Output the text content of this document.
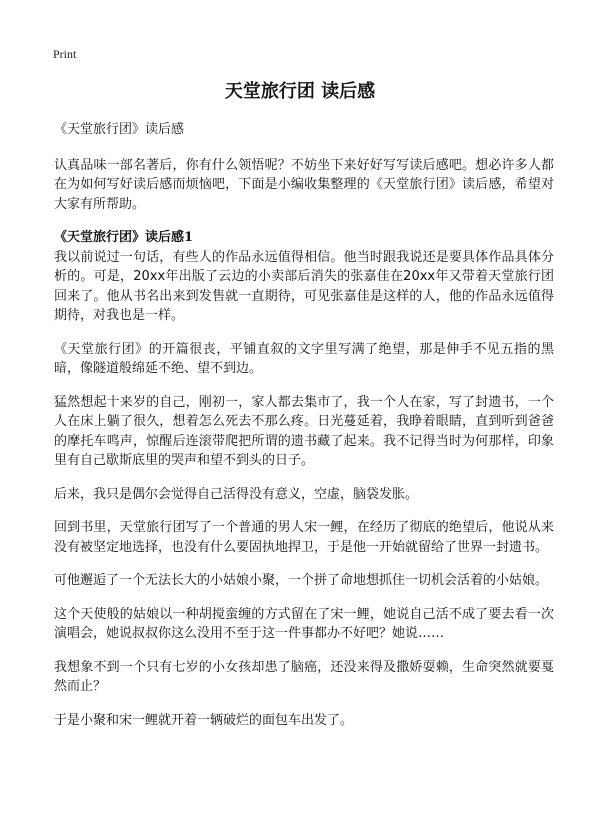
Print
天堂旅行团 读后感

《天堂旅行团》读后感

认真品味一部名著后，你有什么领悟呢？不妨坐下来好好写写读后感吧。想必许多人都在为如何写好读后感而烦恼吧，下面是小编收集整理的《天堂旅行团》读后感，希望对大家有所帮助。

《天堂旅行团》读后感1

我以前说过一句话，有些人的作品永远值得相信。他当时跟我说还是要具体作品具体分析的。可是，20xx年出版了云边的小卖部后消失的张嘉佳在20xx年又带着天堂旅行团回来了。他从书名出来到发售就一直期待，可见张嘉佳是这样的人，他的作品永远值得期待，对我也是一样。

《天堂旅行团》的开篇很丧，平铺直叙的文字里写满了绝望，那是伸手不见五指的黑暗，像隧道般绵延不绝、望不到边。

猛然想起十来岁的自己，刚初一，家人都去集市了，我一个人在家，写了封遗书，一个人在床上躺了很久，想着怎么死去不那么疼。日光蔓延着，我睁着眼睛，直到听到爸爸的摩托车鸣声，惊醒后连滚带爬把所谓的遗书藏了起来。我不记得当时为何那样，印象里有自己歇斯底里的哭声和望不到头的日子。

后来，我只是偶尔会觉得自己活得没有意义，空虚，脑袋发胀。

回到书里，天堂旅行团写了一个普通的男人宋一鲤，在经历了彻底的绝望后，他说从来没有被坚定地选择，也没有什么要固执地捍卫，于是他一开始就留给了世界一封遗书。

可他邂逅了一个无法长大的小姑娘小聚，一个拼了命地想抓住一切机会活着的小姑娘。

这个天使般的姑娘以一种胡搅蛮缠的方式留在了宋一鲤，她说自己活不成了要去看一次演唱会，她说叔叔你这么没用不至于这一件事都办不好吧？她说……

我想象不到一个只有七岁的小女孩却患了脑癌，还没来得及撒娇耍赖，生命突然就要戛然而止？

于是小聚和宋一鲤就开着一辆破烂的面包车出发了。
